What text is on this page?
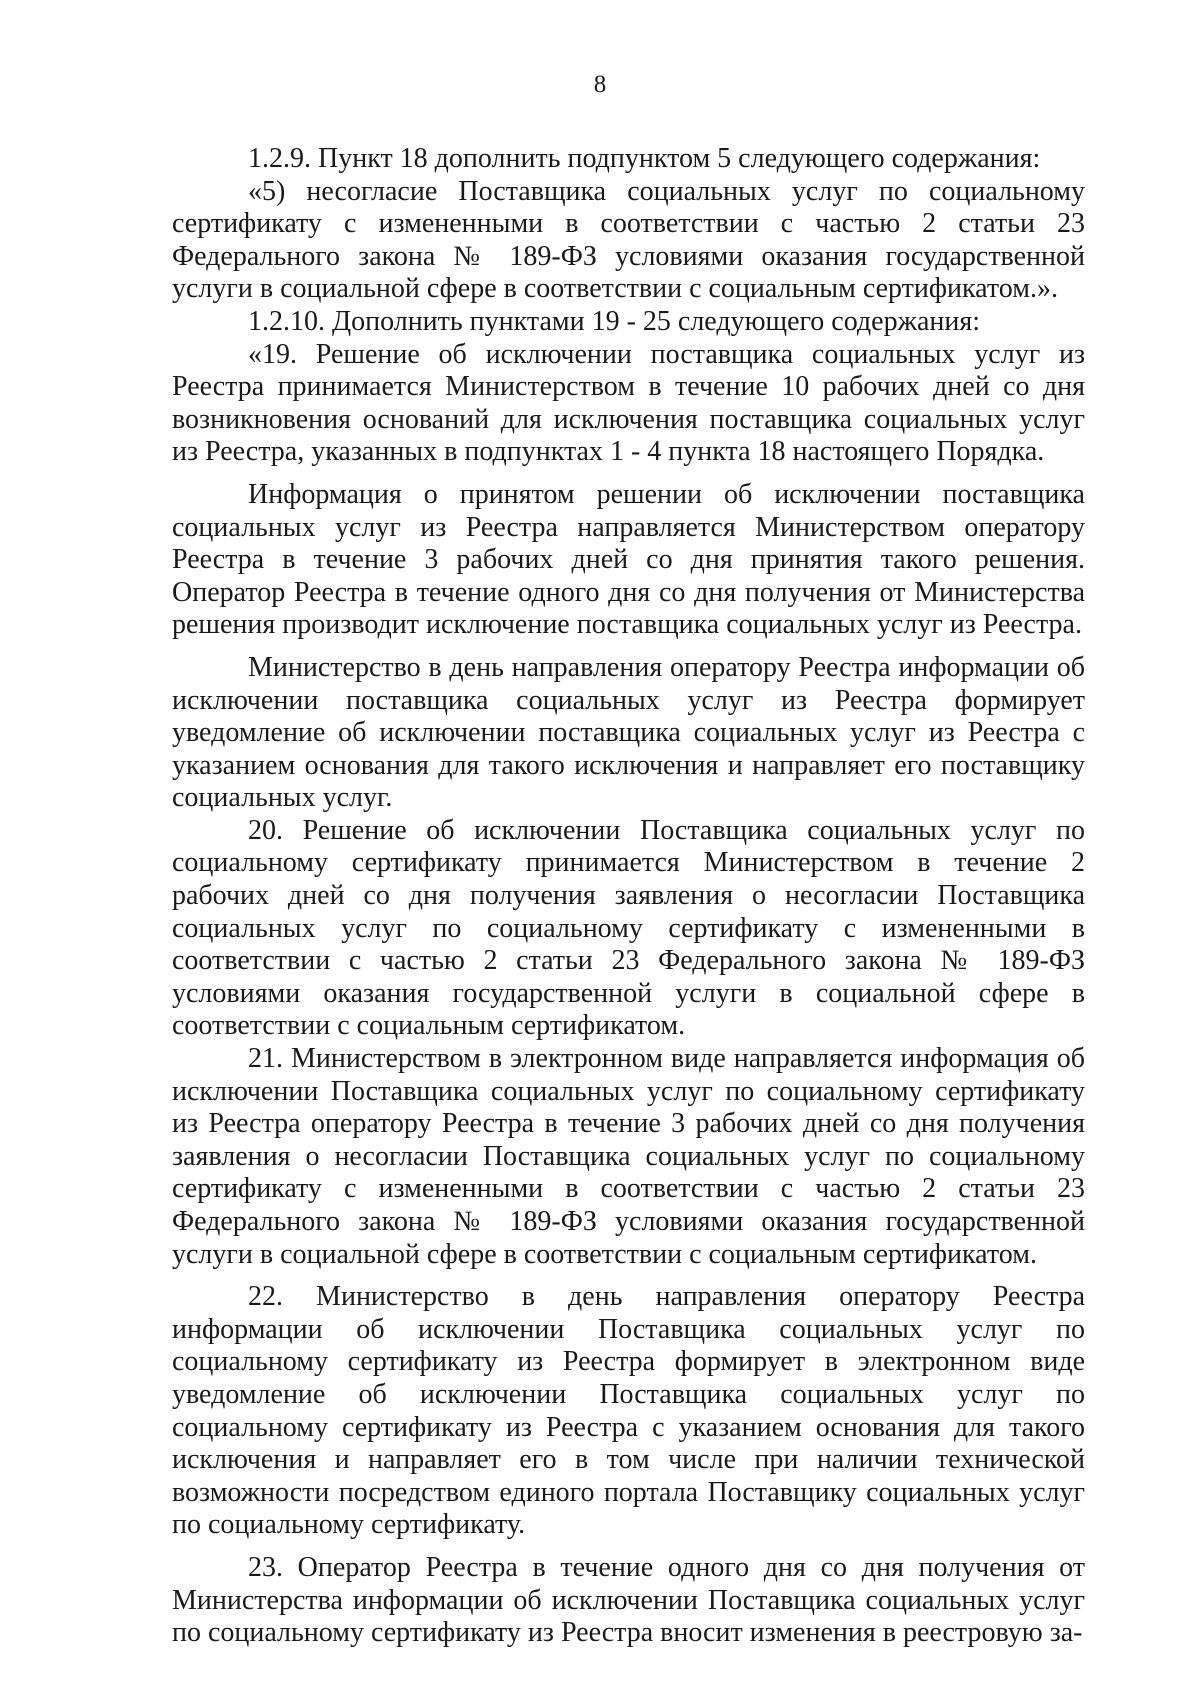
8

1.2.9. Пункт 18 дополнить подпунктом 5 следующего содержания:

«5) несогласие Поставщика социальных услуг по социальному сертификату с измененными в соответствии с частью 2 статьи 23 Федерального закона № 189-ФЗ условиями оказания государственной услуги в социальной сфере в соответствии с социальным сертификатом.».

1.2.10. Дополнить пунктами 19 - 25 следующего содержания:

«19. Решение об исключении поставщика социальных услуг из Реестра принимается Министерством в течение 10 рабочих дней со дня возникновения оснований для исключения поставщика социальных услуг из Реестра, указанных в подпунктах 1 - 4 пункта 18 настоящего Порядка.

Информация о принятом решении об исключении поставщика социальных услуг из Реестра направляется Министерством оператору Реестра в течение 3 рабочих дней со дня принятия такого решения. Оператор Реестра в течение одного дня со дня получения от Министерства решения производит исключение поставщика социальных услуг из Реестра.

Министерство в день направления оператору Реестра информации об исключении поставщика социальных услуг из Реестра формирует уведомление об исключении поставщика социальных услуг из Реестра с указанием основания для такого исключения и направляет его поставщику социальных услуг.

20. Решение об исключении Поставщика социальных услуг по социальному сертификату принимается Министерством в течение 2 рабочих дней со дня получения заявления о несогласии Поставщика социальных услуг по социальному сертификату с измененными в соответствии с частью 2 статьи 23 Федерального закона № 189-ФЗ условиями оказания государственной услуги в социальной сфере в соответствии с социальным сертификатом.

21. Министерством в электронном виде направляется информация об исключении Поставщика социальных услуг по социальному сертификату из Реестра оператору Реестра в течение 3 рабочих дней со дня получения заявления о несогласии Поставщика социальных услуг по социальному сертификату с измененными в соответствии с частью 2 статьи 23 Федерального закона № 189-ФЗ условиями оказания государственной услуги в социальной сфере в соответствии с социальным сертификатом.

22. Министерство в день направления оператору Реестра информации об исключении Поставщика социальных услуг по социальному сертификату из Реестра формирует в электронном виде уведомление об исключении Поставщика социальных услуг по социальному сертификату из Реестра с указанием основания для такого исключения и направляет его в том числе при наличии технической возможности посредством единого портала Поставщику социальных услуг по социальному сертификату.

23. Оператор Реестра в течение одного дня со дня получения от Министерства информации об исключении Поставщика социальных услуг по социальному сертификату из Реестра вносит изменения в реестровую за-
